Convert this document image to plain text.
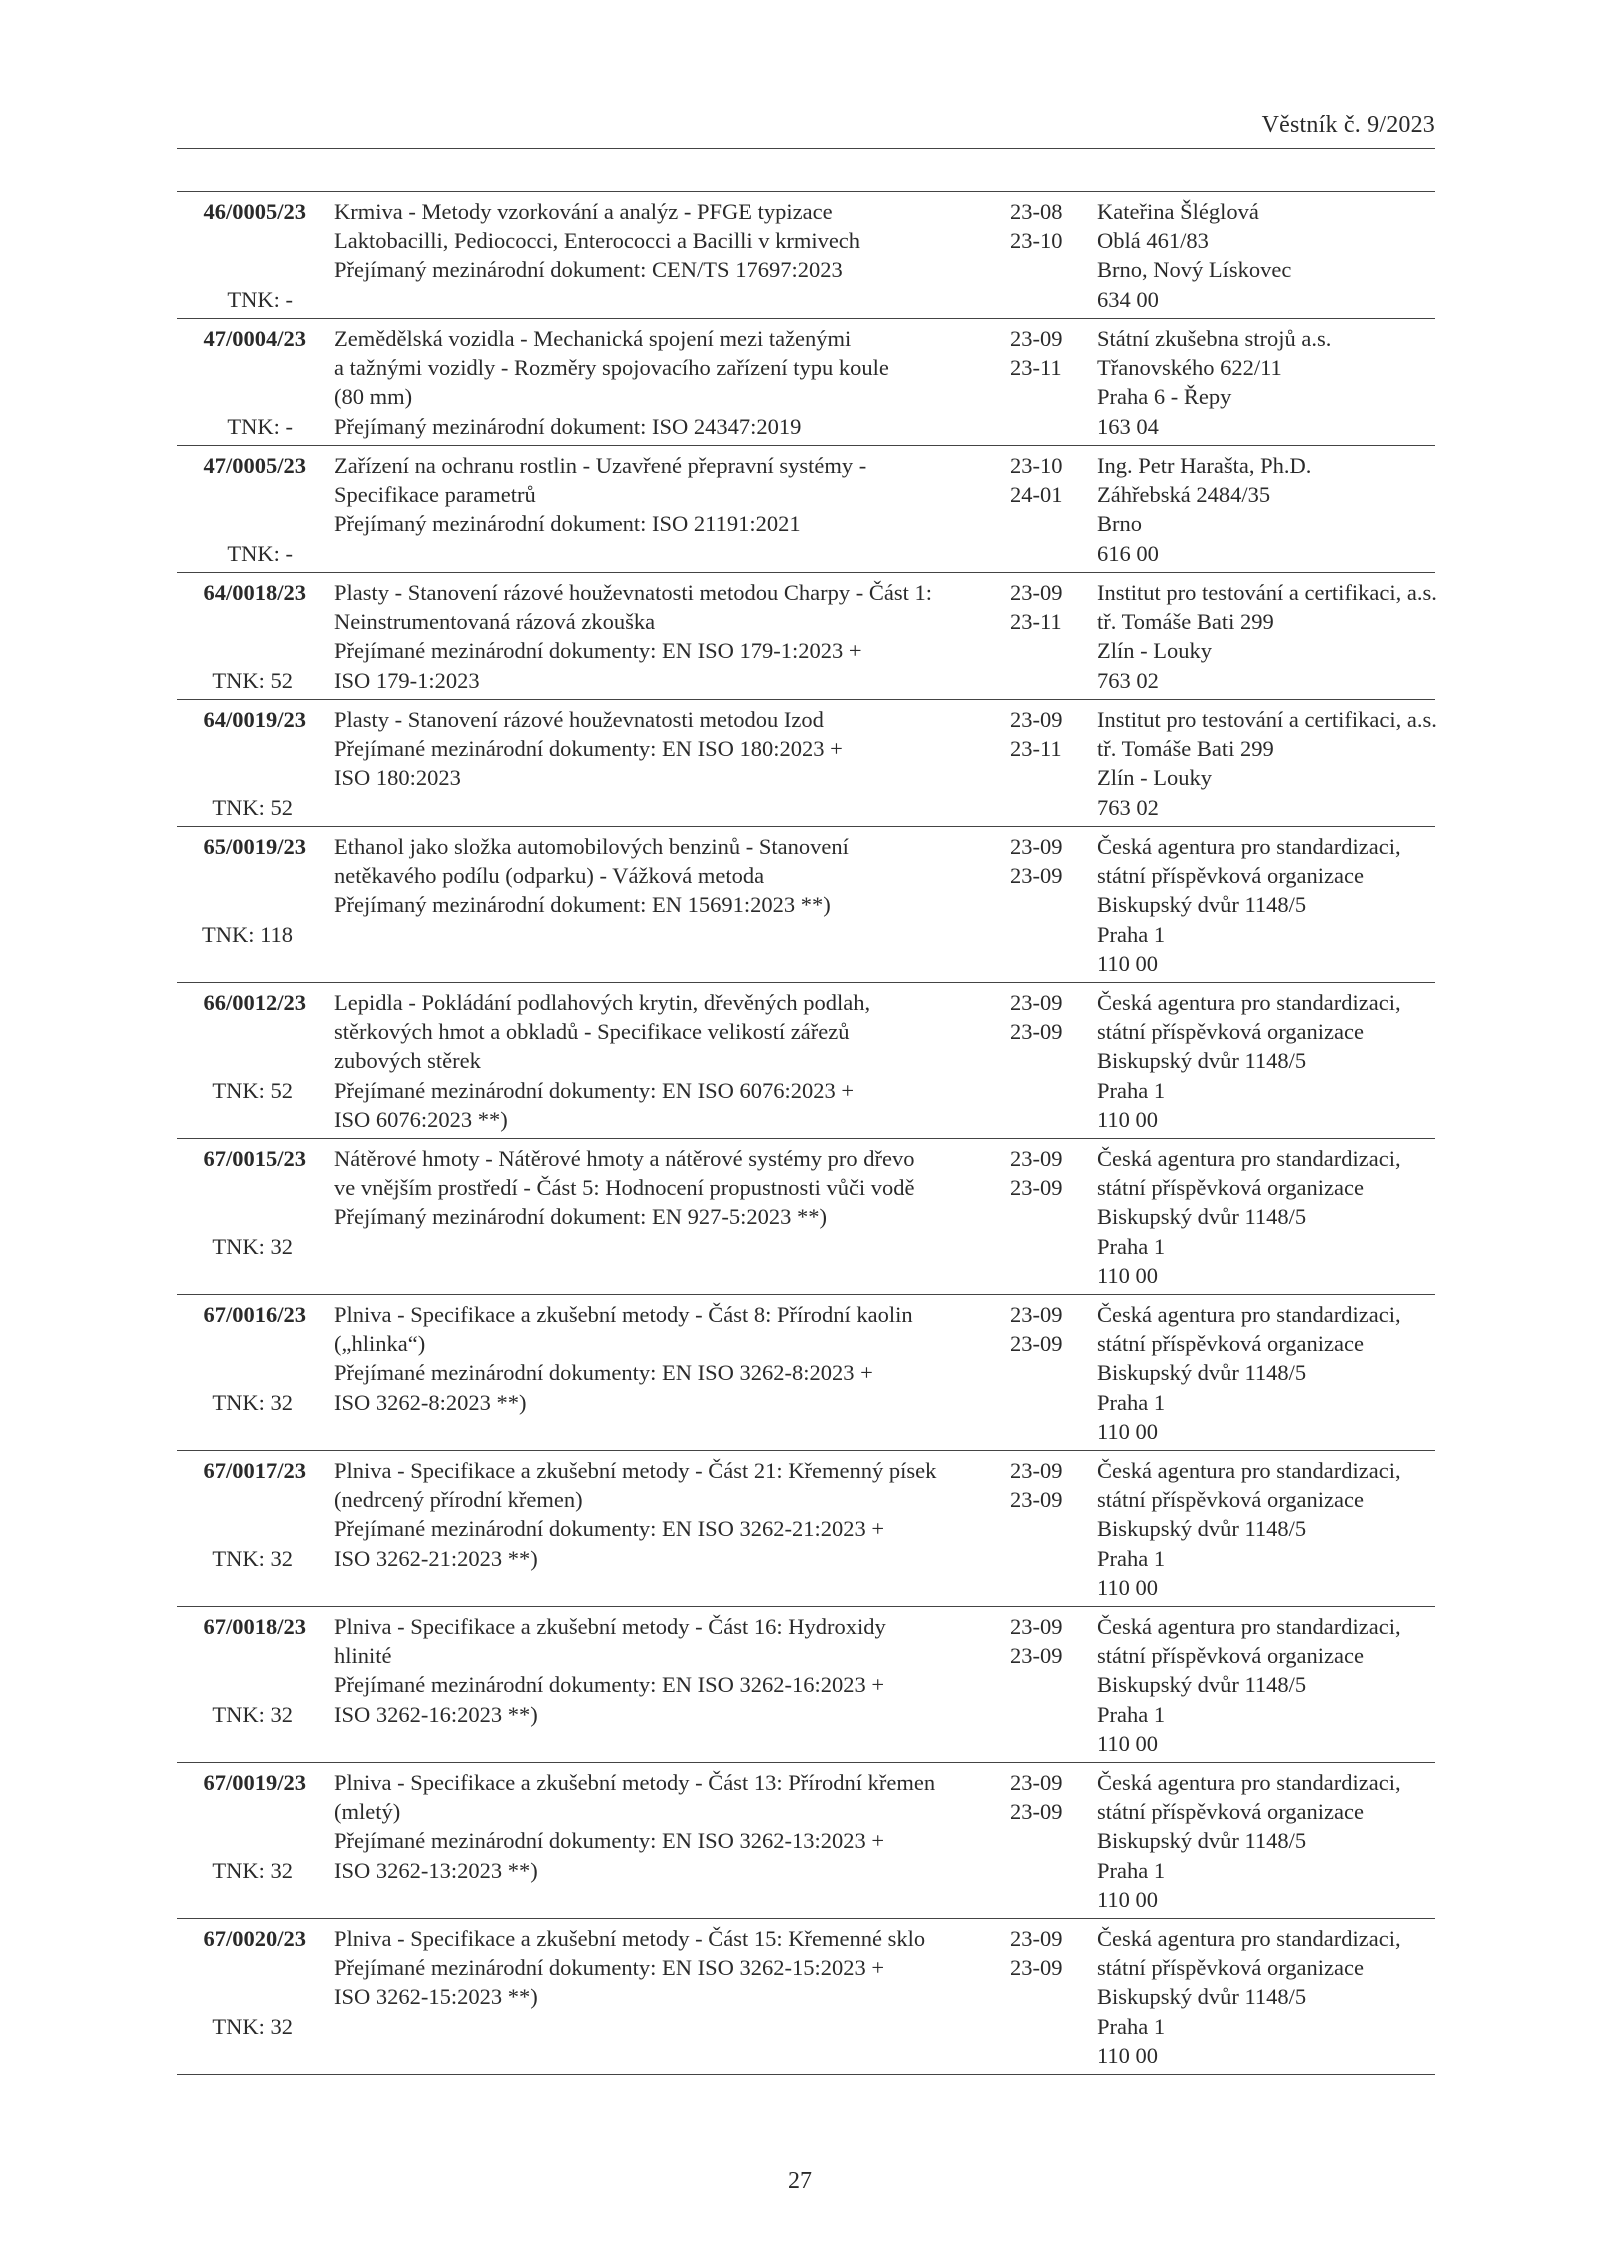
Věstník č. 9/2023
46/0005/23
TNK: -
Krmiva - Metody vzorkování a analýz - PFGE typizace
Laktobacilli, Pediococci, Enterococci a Bacilli v krmivech
Přejímaný mezinárodní dokument: CEN/TS 17697:2023
23-08
23-10
Kateřina Šléglová
Oblá 461/83
Brno, Nový Lískovec
634 00
47/0004/23
TNK: -
Zemědělská vozidla - Mechanická spojení mezi taženými
a tažnými vozidly - Rozměry spojovacího zařízení typu koule
(80 mm)
Přejímaný mezinárodní dokument: ISO 24347:2019
23-09
23-11
Státní zkušebna strojů a.s.
Třanovského 622/11
Praha 6 - Řepy
163 04
47/0005/23
TNK: -
Zařízení na ochranu rostlin - Uzavřené přepravní systémy -
Specifikace parametrů
Přejímaný mezinárodní dokument: ISO 21191:2021
23-10
24-01
Ing. Petr Harašta, Ph.D.
Záhřebská 2484/35
Brno
616 00
64/0018/23
TNK: 52
Plasty - Stanovení rázové houževnatosti metodou Charpy - Část 1:
Neinstrumentovaná rázová zkouška
Přejímané mezinárodní dokumenty: EN ISO 179-1:2023 +
ISO 179-1:2023
23-09
23-11
Institut pro testování a certifikaci, a.s.
tř. Tomáše Bati 299
Zlín - Louky
763 02
64/0019/23
TNK: 52
Plasty - Stanovení rázové houževnatosti metodou Izod
Přejímané mezinárodní dokumenty: EN ISO 180:2023 +
ISO 180:2023
23-09
23-11
Institut pro testování a certifikaci, a.s.
tř. Tomáše Bati 299
Zlín - Louky
763 02
65/0019/23
TNK: 118
Ethanol jako složka automobilových benzinů - Stanovení
netěkavého podílu (odparku) - Vážková metoda
Přejímaný mezinárodní dokument: EN 15691:2023 **)
23-09
23-09
Česká agentura pro standardizaci,
státní příspěvková organizace
Biskupský dvůr 1148/5
Praha 1
110 00
66/0012/23
TNK: 52
Lepidla - Pokládání podlahových krytin, dřevěných podlah,
stěrkových hmot a obkladů - Specifikace velikostí zářezů
zubových stěrek
Přejímané mezinárodní dokumenty: EN ISO 6076:2023 +
ISO 6076:2023 **)
23-09
23-09
Česká agentura pro standardizaci,
státní příspěvková organizace
Biskupský dvůr 1148/5
Praha 1
110 00
67/0015/23
TNK: 32
Nátěrové hmoty - Nátěrové hmoty a nátěrové systémy pro dřevo
ve vnějším prostředí - Část 5: Hodnocení propustnosti vůči vodě
Přejímaný mezinárodní dokument: EN 927-5:2023 **)
23-09
23-09
Česká agentura pro standardizaci,
státní příspěvková organizace
Biskupský dvůr 1148/5
Praha 1
110 00
67/0016/23
TNK: 32
Plniva - Specifikace a zkušební metody - Část 8: Přírodní kaolin
(„hlinka“)
Přejímané mezinárodní dokumenty: EN ISO 3262-8:2023 +
ISO 3262-8:2023 **)
23-09
23-09
Česká agentura pro standardizaci,
státní příspěvková organizace
Biskupský dvůr 1148/5
Praha 1
110 00
67/0017/23
TNK: 32
Plniva - Specifikace a zkušební metody - Část 21: Křemenný písek
(nedrcený přírodní křemen)
Přejímané mezinárodní dokumenty: EN ISO 3262-21:2023 +
ISO 3262-21:2023 **)
23-09
23-09
Česká agentura pro standardizaci,
státní příspěvková organizace
Biskupský dvůr 1148/5
Praha 1
110 00
67/0018/23
TNK: 32
Plniva - Specifikace a zkušební metody - Část 16: Hydroxidy
hlinité
Přejímané mezinárodní dokumenty: EN ISO 3262-16:2023 +
ISO 3262-16:2023 **)
23-09
23-09
Česká agentura pro standardizaci,
státní příspěvková organizace
Biskupský dvůr 1148/5
Praha 1
110 00
67/0019/23
TNK: 32
Plniva - Specifikace a zkušební metody - Část 13: Přírodní křemen
(mletý)
Přejímané mezinárodní dokumenty: EN ISO 3262-13:2023 +
ISO 3262-13:2023 **)
23-09
23-09
Česká agentura pro standardizaci,
státní příspěvková organizace
Biskupský dvůr 1148/5
Praha 1
110 00
67/0020/23
TNK: 32
Plniva - Specifikace a zkušební metody - Část 15: Křemenné sklo
Přejímané mezinárodní dokumenty: EN ISO 3262-15:2023 +
ISO 3262-15:2023 **)
23-09
23-09
Česká agentura pro standardizaci,
státní příspěvková organizace
Biskupský dvůr 1148/5
Praha 1
110 00
27
